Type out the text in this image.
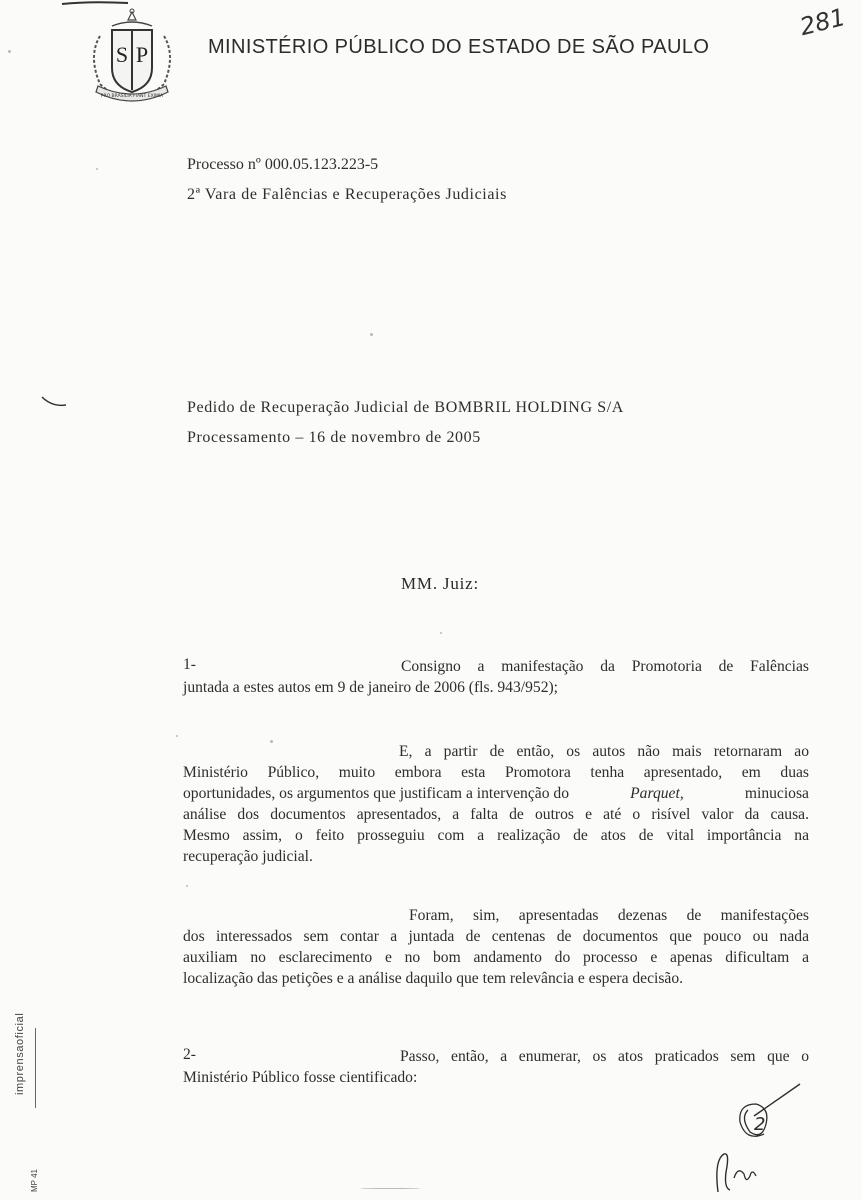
PRO BRASILIA FIANT EXIMIA
S P	MINISTÉRIO PÚBLICO DO ESTADO DE SÃO PAULO
281
Processo nº 000.05.123.223-5
2ª Vara de Falências e Recuperações Judiciais
Pedido de Recuperação Judicial de BOMBRIL HOLDING S/A
Processamento – 16 de novembro de 2005
MM. Juiz:
1-	Consigno a manifestação da Promotoria de Falências
juntada a estes autos em 9 de janeiro de 2006 (fls. 943/952);
E, a partir de então, os autos não mais retornaram ao
Ministério Público, muito embora esta Promotora tenha apresentado, em duas
oportunidades, os argumentos que justificam a intervenção do	Parquet,	minuciosa
análise dos documentos apresentados, a falta de outros e até o risível valor da causa.
Mesmo assim, o feito prosseguiu com a realização de atos de vital importância na
recuperação judicial.
Foram, sim, apresentadas dezenas de manifestações
dos interessados sem contar a juntada de centenas de documentos que pouco ou nada
auxiliam no esclarecimento e no bom andamento do processo e apenas dificultam a
localização das petições e a análise daquilo que tem relevância e espera decisão.
2-	Passo, então, a enumerar, os atos praticados sem que o
Ministério Público fosse cientificado:
imprensaoficial
MP 41
2
